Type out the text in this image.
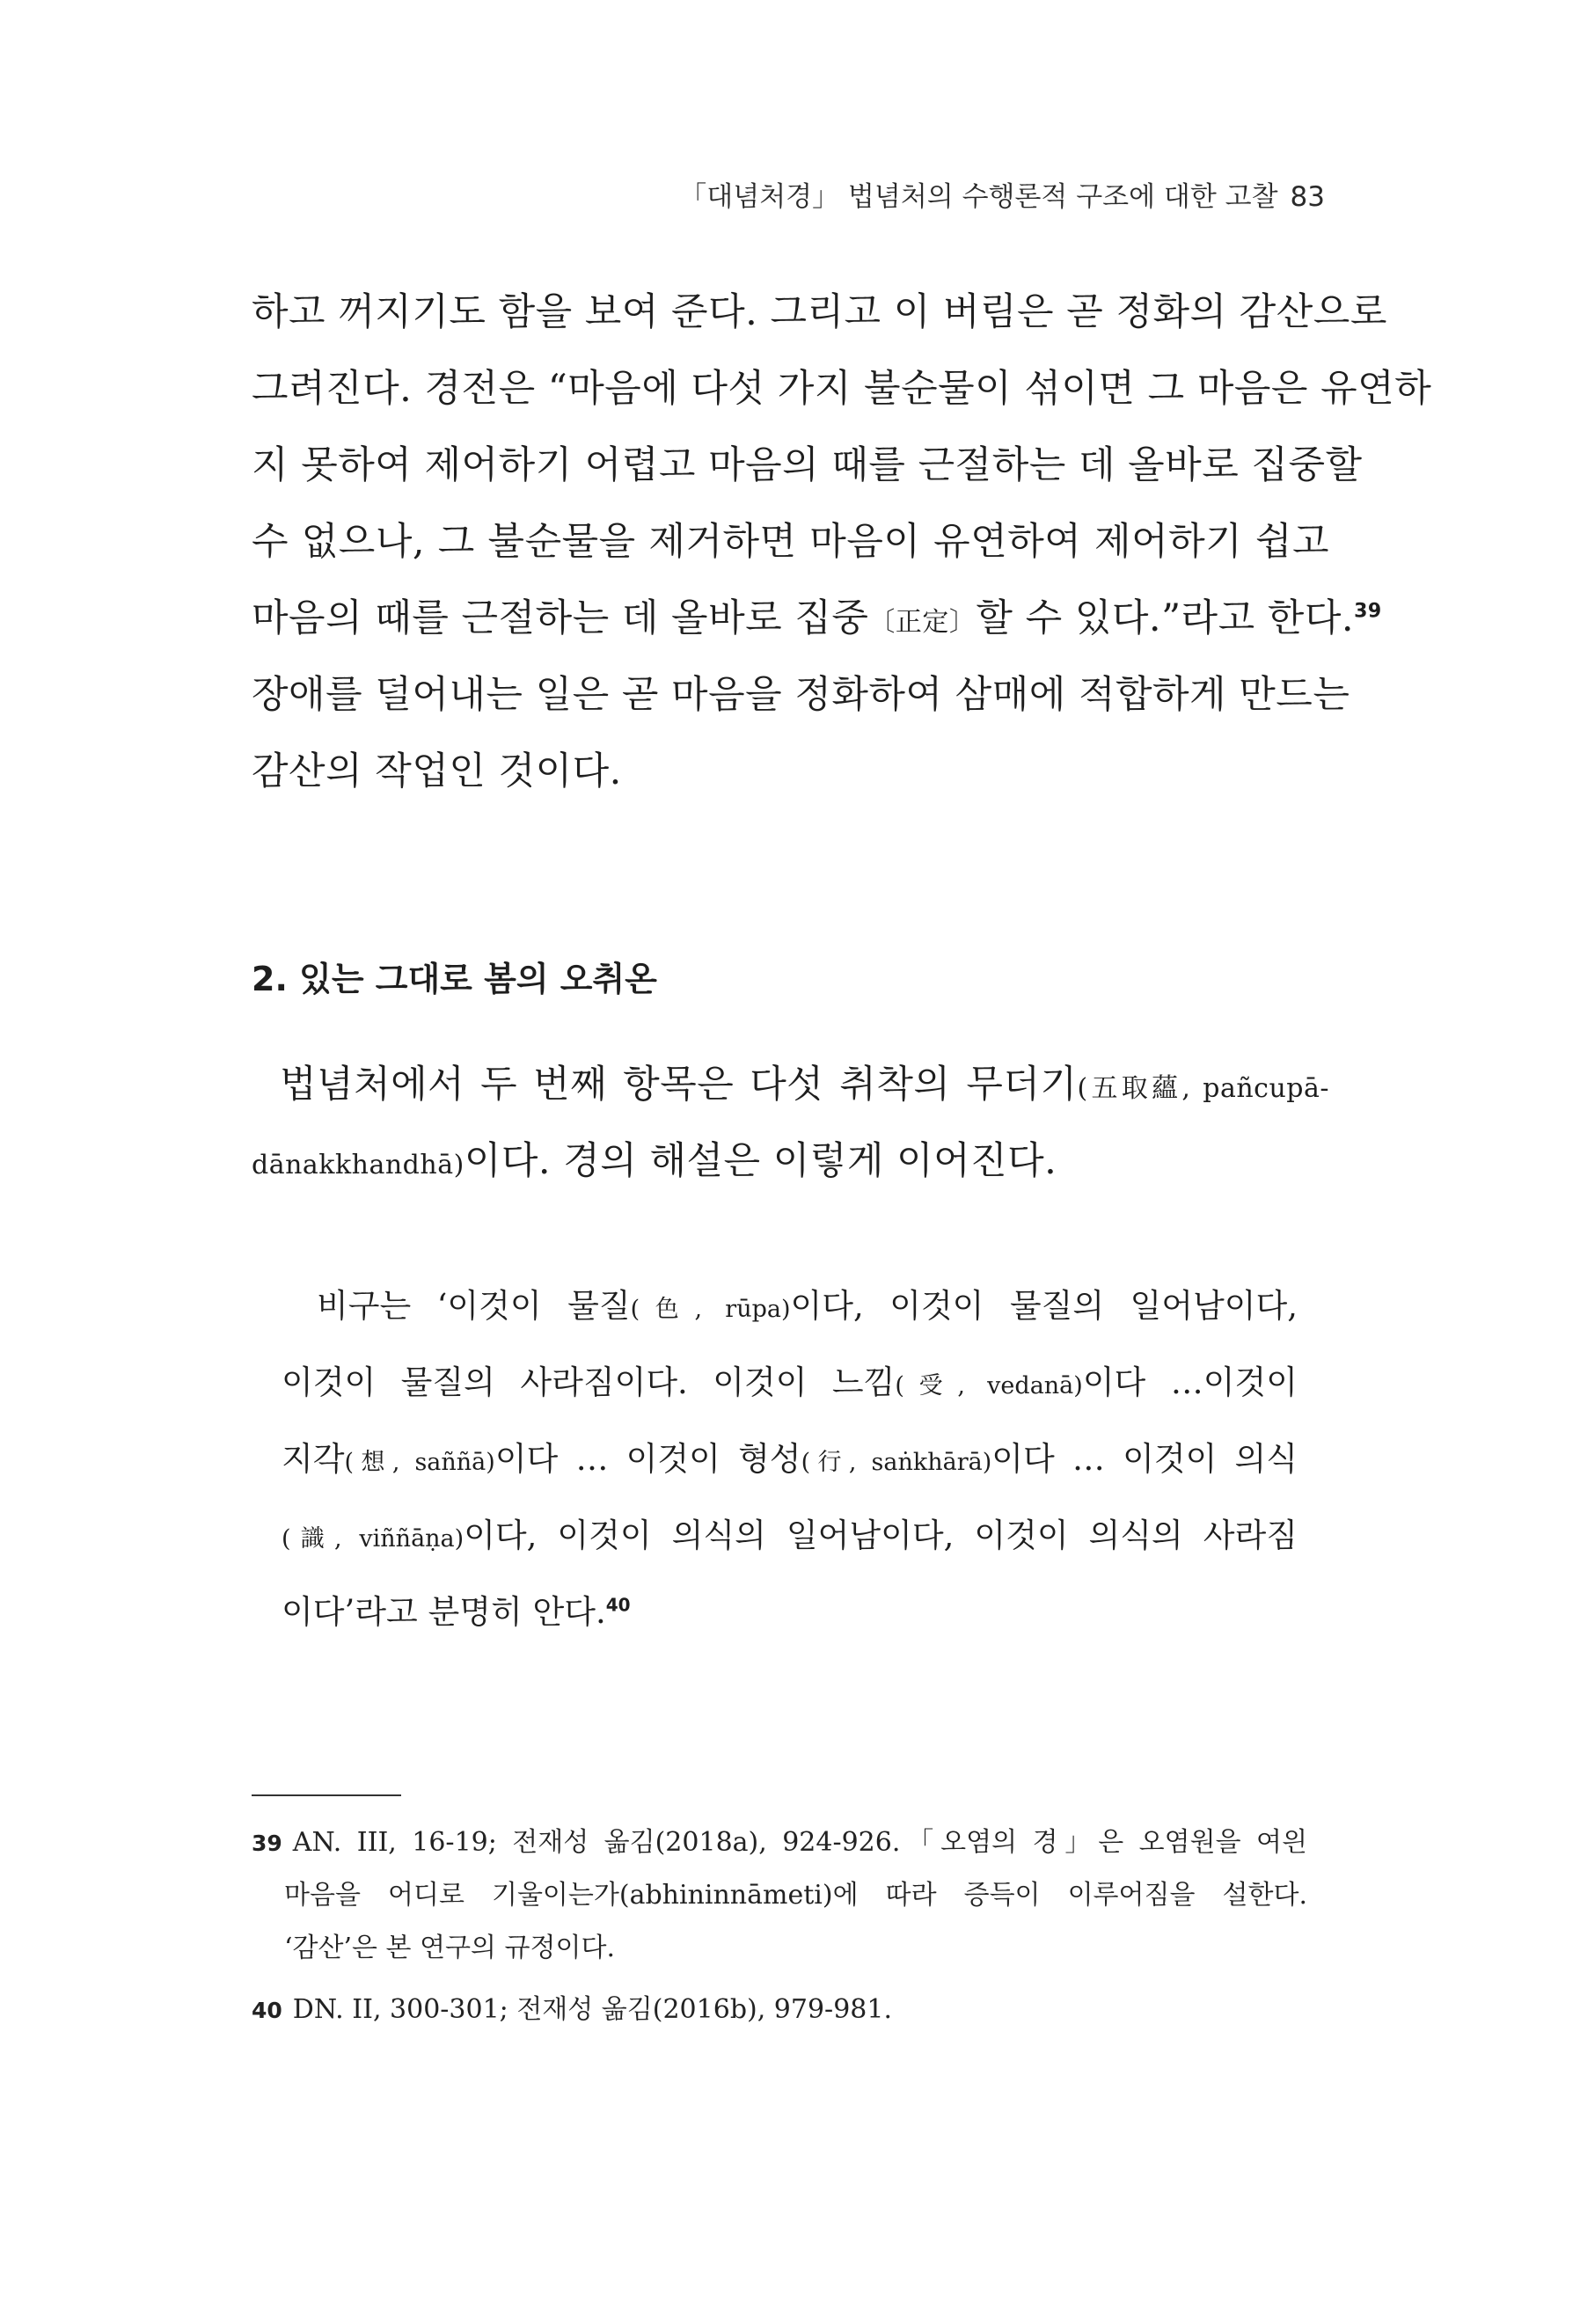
「대념처경」 법념처의 수행론적 구조에 대한 고찰 83
하고 꺼지기도 함을 보여 준다. 그리고 이 버림은 곧 정화의 감산으로
그려진다. 경전은 “마음에 다섯 가지 불순물이 섞이면 그 마음은 유연하
지 못하여 제어하기 어렵고 마음의 때를 근절하는 데 올바로 집중할
수 없으나, 그 불순물을 제거하면 마음이 유연하여 제어하기 쉽고
마음의 때를 근절하는 데 올바로 집중〔正定〕할 수 있다.”라고 한다.$^{39}$
장애를 덜어내는 일은 곧 마음을 정화하여 삼매에 적합하게 만드는
감산의 작업인 것이다.
2. 있는 그대로 봄의 오취온
법념처에서 두 번째 항목은 다섯 취착의 무더기(五取蘊, pañcupā-
dānakkhandhā)이다. 경의 해설은 이렇게 이어진다.
비구는 ‘이것이 물질(色, rūpa)이다, 이것이 물질의 일어남이다,
이것이 물질의 사라짐이다. 이것이 느낌(受, vedanā)이다 …이것이
지각(想, saññā)이다 … 이것이 형성(行, saṅkhārā)이다 … 이것이 의식
(識, viññāṇa)이다, 이것이 의식의 일어남이다, 이것이 의식의 사라짐
이다’라고 분명히 안다.$^{40}$
39 AN. III, 16-19; 전재성 옮김(2018a), 924-926.「오염의 경」은 오염원을 여읜
마음을 어디로 기울이는가(abhininnāmeti)에 따라 증득이 이루어짐을 설한다.
‘감산’은 본 연구의 규정이다.
40 DN. II, 300-301; 전재성 옮김(2016b), 979-981.
